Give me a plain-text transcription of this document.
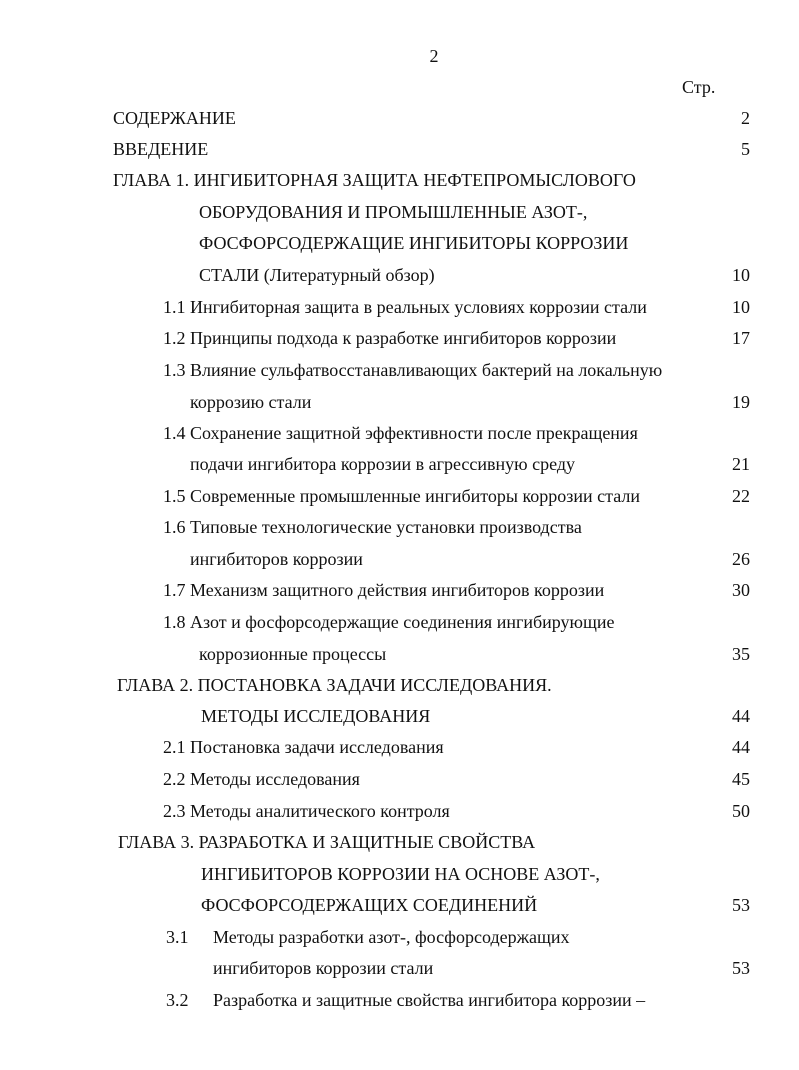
2
Стр.
СОДЕРЖАНИЕ	2
ВВЕДЕНИЕ	5
ГЛАВА 1. ИНГИБИТОРНАЯ ЗАЩИТА НЕФТЕПРОМЫСЛОВОГО
ОБОРУДОВАНИЯ И ПРОМЫШЛЕННЫЕ АЗОТ-,
ФОСФОРСОДЕРЖАЩИЕ ИНГИБИТОРЫ КОРРОЗИИ
СТАЛИ (Литературный обзор)	10
1.1 Ингибиторная защита в реальных условиях коррозии стали	10
1.2 Принципы подхода к разработке ингибиторов коррозии	17
1.3 Влияние сульфатвосстанавливающих бактерий на локальную
коррозию стали	19
1.4 Сохранение защитной эффективности после прекращения
подачи ингибитора коррозии в агрессивную среду	21
1.5 Современные промышленные ингибиторы коррозии стали	22
1.6 Типовые технологические установки производства
ингибиторов коррозии	26
1.7 Механизм защитного действия ингибиторов коррозии	30
1.8 Азот и фосфорсодержащие соединения ингибирующие
коррозионные процессы	35
ГЛАВА 2. ПОСТАНОВКА ЗАДАЧИ ИССЛЕДОВАНИЯ.
МЕТОДЫ ИССЛЕДОВАНИЯ	44
2.1 Постановка задачи исследования	44
2.2 Методы исследования	45
2.3 Методы аналитического контроля	50
ГЛАВА 3. РАЗРАБОТКА И ЗАЩИТНЫЕ СВОЙСТВА
ИНГИБИТОРОВ КОРРОЗИИ НА ОСНОВЕ АЗОТ-,
ФОСФОРСОДЕРЖАЩИХ СОЕДИНЕНИЙ	53
3.1 Методы разработки азот-, фосфорсодержащих
ингибиторов коррозии стали	53
3.2 Разработка и защитные свойства ингибитора коррозии –
